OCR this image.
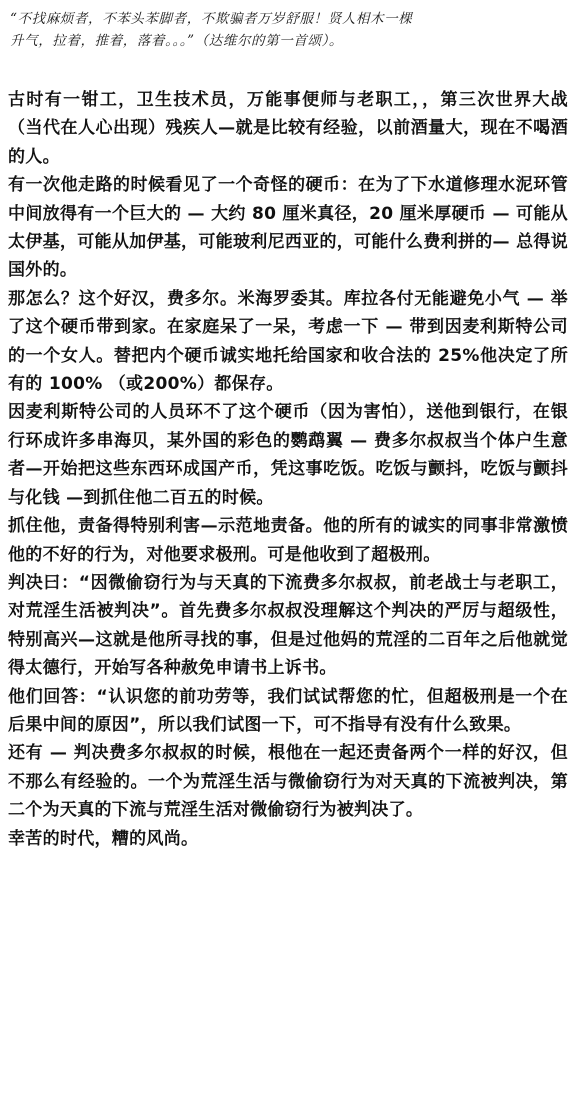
“不找麻烦者，不苯头苯脚者，不欺骗者万岁舒服！贤人相木一棵升气，拉着，推着，落着。。。”（达维尔的第一首颂）。

古时有一钳工，卫生技术员，万能事便师与老职工，，第三次世界大战（当代在人心出现）残疾人—就是比较有经验，以前酒量大，现在不喝酒的人。

有一次他走路的时候看见了一个奇怪的硬币：在为了下水道修理水泥环管中间放得有一个巨大的 — 大约 80 厘米真径，20 厘米厚硬币 — 可能从太伊基，可能从加伊基，可能玻利尼西亚的，可能什么费利拼的— 总得说国外的。

那怎么？这个好汉，费多尔。米海罗委其。库拉各付无能避免小气 — 举了这个硬币带到家。在家庭呆了一呆，考虑一下 — 带到因麦利斯特公司的一个女人。替把内个硬币诚实地托给国家和收合法的 25%他决定了所有的 100% （或200%）都保存。

因麦利斯特公司的人员环不了这个硬币（因为害怕），送他到银行，在银行环成许多串海贝，某外国的彩色的鹦鹉翼 — 费多尔叔叔当个体户生意者—开始把这些东西环成国产币，凭这事吃饭。吃饭与颤抖，吃饭与颤抖与化钱 —到抓住他二百五的时候。

抓住他，责备得特别利害—示范地责备。他的所有的诚实的同事非常激愤他的不好的行为，对他要求极刑。可是他收到了超极刑。

判决曰：“因微偷窃行为与天真的下流费多尔叔叔，前老战士与老职工，对荒淫生活被判决”。首先费多尔叔叔没理解这个判决的严厉与超级性，特别高兴—这就是他所寻找的事，但是过他妈的荒淫的二百年之后他就觉得太德行，开始写各种赦免申请书上诉书。

他们回答：“认识您的前功劳等，我们试试帮您的忙，但超极刑是一个在后果中间的原因”，所以我们试图一下，可不指导有没有什么致果。

还有 — 判决费多尔叔叔的时候，根他在一起还责备两个一样的好汉，但不那么有经验的。一个为荒淫生活与微偷窃行为对天真的下流被判决，第二个为天真的下流与荒淫生活对微偷窃行为被判决了。

幸苦的时代，糟的风尚。
